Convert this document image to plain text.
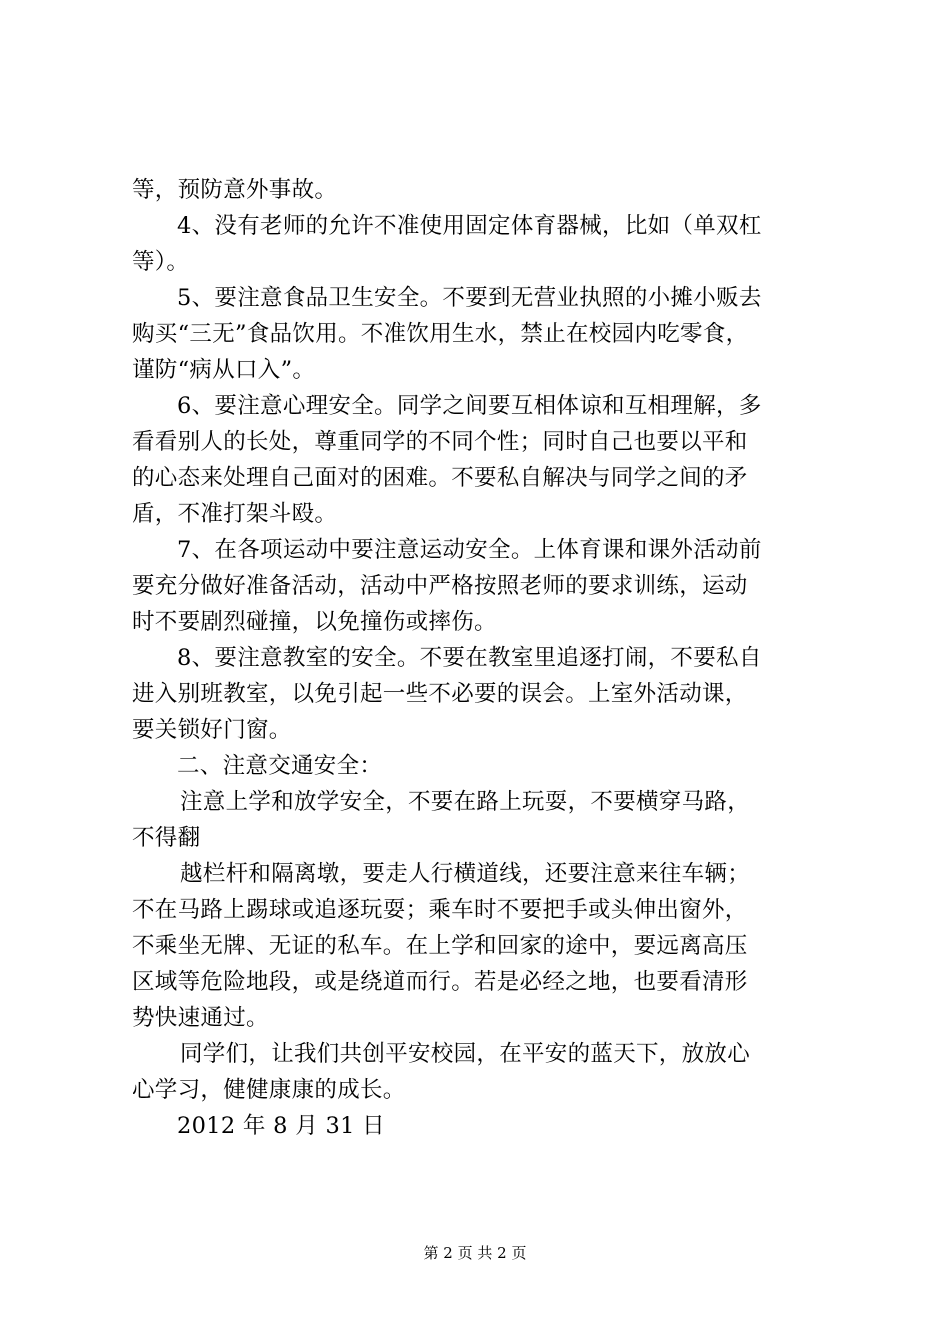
等，预防意外事故。
4、没有老师的允许不准使用固定体育器械，比如（单双杠
等）。
5、要注意食品卫生安全。不要到无营业执照的小摊小贩去
购买“三无”食品饮用。不准饮用生水，禁止在校园内吃零食，
谨防“病从口入”。
6、要注意心理安全。同学之间要互相体谅和互相理解，多
看看别人的长处，尊重同学的不同个性；同时自己也要以平和
的心态来处理自己面对的困难。不要私自解决与同学之间的矛
盾，不准打架斗殴。
7、在各项运动中要注意运动安全。上体育课和课外活动前
要充分做好准备活动，活动中严格按照老师的要求训练，运动
时不要剧烈碰撞，以免撞伤或摔伤。
8、要注意教室的安全。不要在教室里追逐打闹，不要私自
进入别班教室，以免引起一些不必要的误会。上室外活动课，
要关锁好门窗。
二、注意交通安全：
注意上学和放学安全，不要在路上玩耍，不要横穿马路，
不得翻
越栏杆和隔离墩，要走人行横道线，还要注意来往车辆；
不在马路上踢球或追逐玩耍；乘车时不要把手或头伸出窗外，
不乘坐无牌、无证的私车。在上学和回家的途中，要远离高压
区域等危险地段，或是绕道而行。若是必经之地，也要看清形
势快速通过。
同学们，让我们共创平安校园，在平安的蓝天下，放放心
心学习，健健康康的成长。
2012 年 8 月 31 日
第 2 页 共 2 页
